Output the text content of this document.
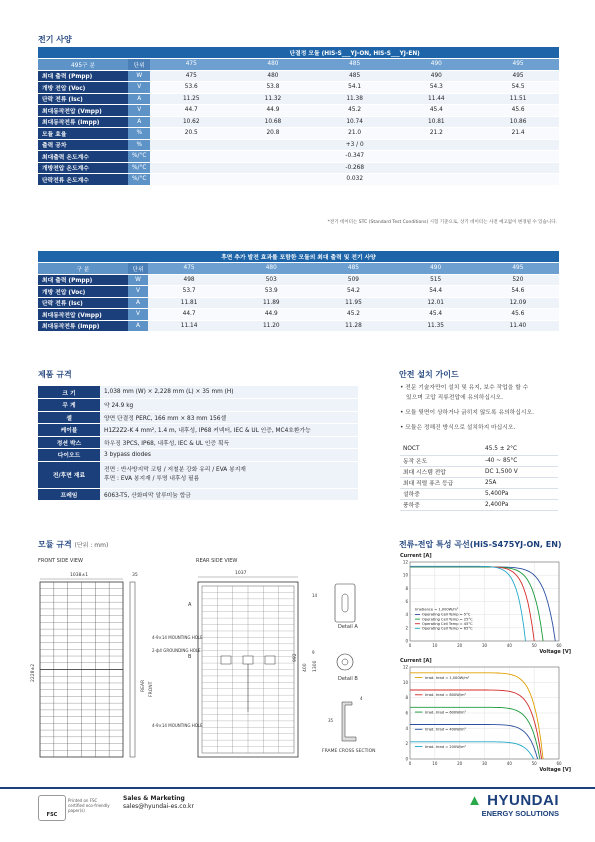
전기 사양
		단결정 모듈 (HiS-S___YJ-ON, HiS-S___YJ-EN)				
495구 분	단위	475	480	485	490	495
최대 출력 (Pmpp)	W	475	480	485	490	495
개방 전압 (Voc)	V	53.6	53.8	54.1	54.3	54.5
단락 전류 (Isc)	A	11.25	11.32	11.38	11.44	11.51
최대동작전압 (Vmpp)	V	44.7	44.9	45.2	45.4	45.6
최대동작전류 (Impp)	A	10.62	10.68	10.74	10.81	10.86
모듈 효율	%	20.5	20.8	21.0	21.2	21.4
출력 공차	%	+3 / 0				
최대출력 온도계수	%/°C	-0.347				
개방전압 온도계수	%/°C	-0.268				
단락전류 온도계수	%/°C	0.032				
*전기 데이터는 STC (Standard Test Conditions) 시험 기준으로, 상기 데이터는 사전 예고없이 변경될 수 있습니다.
후면 추가 발전 효과를 포함한 모듈의 최대 출력 및 전기 사양						
구 분	단위	475	480	485	490	495
최대 출력 (Pmpp)	W	498	503	509	515	520
개방 전압 (Voc)	V	53.7	53.9	54.2	54.4	54.6
단락 전류 (Isc)	A	11.81	11.89	11.95	12.01	12.09
최대동작전압 (Vmpp)	V	44.7	44.9	45.2	45.4	45.6
최대동작전류 (Impp)	A	11.14	11.20	11.28	11.35	11.40
제품 규격
크 기	1,038 mm (W) × 2,228 mm (L) × 35 mm (H)
무 게	약 24.9 kg
셀	양면 단결정 PERC, 166 mm × 83 mm 156셀
케이블	H1Z2Z2-K 4 mm², 1.4 m, 내후성, IP68 커넥터, IEC & UL 인증, MC4호환가능
정션 박스	하우징 3PCS, IP68, 내후성, IEC & UL 인증 획득
다이오드	3 bypass diodes
전/후면 재료	전면 : 반사방지막 코팅 / 저철분 강화 유리 / EVA 봉지재
후면 : EVA 봉지재 / 투명 내후성 필름

프레임	6063-T5, 산화피막 알루미늄 합금
안전 설치 가이드
• 전문 기술자만이 설치 및 유지, 보수 작업을 할 수
있으며 고압 직류전압에 유의하십시오.
• 모듈 뒷면이 상하거나 긁히지 않도록 유의하십시오.
• 모듈은 정해진 방식으로 설치하지 마십시오.
NOCT	45.5 ± 2°C
동작 온도	-40 ~ 85°C
최대 시스템 전압	DC 1,500 V
최대 직렬 퓨즈 등급	25A
설하중	5,400Pa
풍하중	2,400Pa
모듈 규격 (단위 : mm)
FRONT SIDE VIEW
1038±1	35
2228±2
REAR FRONT
REAR SIDE VIEW
1037
A
B
4-9×14 MOUNTING HOLE
2-ф4 GROUNDING HOLE
4-9×14 MOUNTING HOLE
400 1300
992
14
Detail A
9
Detail B
35
4
FRAME CROSS SECTION
전류-전압 특성 곡선(HiS-S475YJ-ON, EN)
Current [A]
0
2
4
6
8
10
12
0	10	20	30	40	50	60
Voltage [V]
Irradiance = 1,000W/m²
Operating Cell Temp = 5°C
Operating Cell Temp = 25°C
Operating Cell Temp = 45°C
Operating Cell Temp = 65°C
Current [A]
0
2
4
6
8
10
12
0	10	20	30	40	50	60
Voltage [V]
Irrad. Irrad = 1,000W/m²
Irrad. Irrad = 800W/m²
Irrad. Irrad = 600W/m²
Irrad. Irrad = 400W/m²
Irrad. Irrad = 200W/m²
FSC
Printed on FSC certified eco-friendly paper(s)
Sales & Marketing
sales@hyundai-es.co.kr	▲ HYUNDAI
ENERGY SOLUTIONS
